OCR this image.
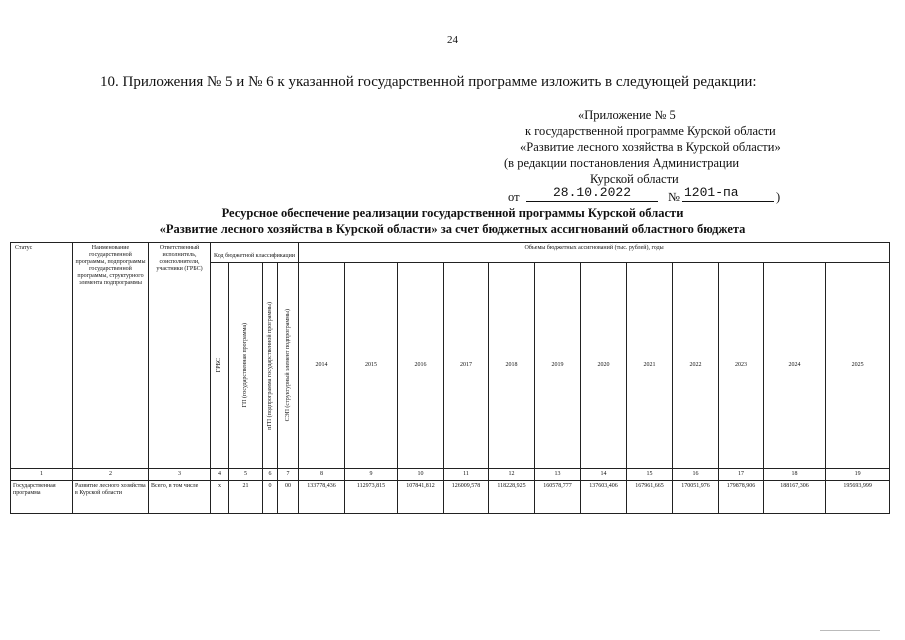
24
10. Приложения № 5 и № 6 к указанной государственной программе изложить в следующей редакции:
«Приложение № 5
к государственной программе Курской области
«Развитие лесного хозяйства в Курской области»
(в редакции постановления Администрации
Курской области
от	28.10.2022	№ 1201-па	)
Ресурсное обеспечение реализации государственной программы Курской области
«Развитие лесного хозяйства в Курской области» за счет бюджетных ассигнований областного бюджета
Статус	Наименование государственной программы, подпрограммы государственной программы, структурного элемента подпрограммы	Ответственный исполнитель, соисполнители, участники (ГРБС)	Код бюджетной классификации				Объемы бюджетных ассигнований (тыс. рублей), годы											

			ГРБС	ГП (государственная программа)	пГП (подпрограмма государственной программы)	СЭП (структурный элемент подпрограммы)	2014	2015	2016	2017	2018	2019	2020	2021	2022	2023	2024	2025
1	2	3	4	5	6	7	8	9	10	11	12	13	14	15	16	17	18	19
Государственная программа	Развитие лесного хозяйства в Курской области	Всего, в том числе	х	21	0	00	133778,436	112973,815	107841,812	126009,578	118228,925	160578,777	137603,406	167961,665	170051,976	179878,906	188167,306	195693,999
